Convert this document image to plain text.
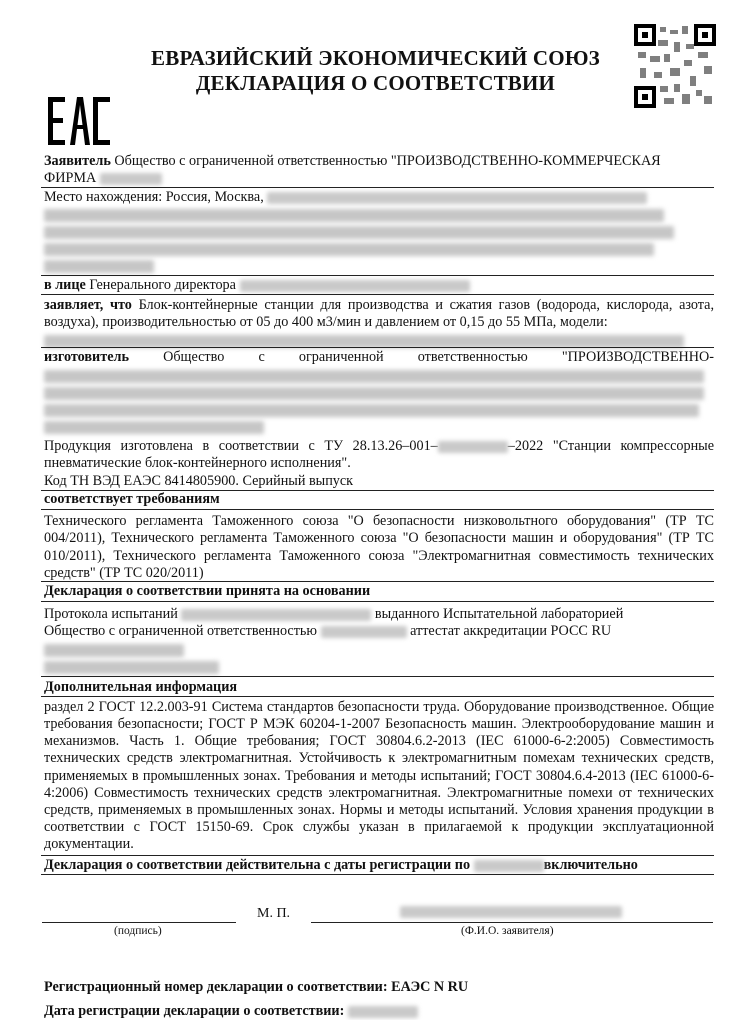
ЕВРАЗИЙСКИЙ ЭКОНОМИЧЕСКИЙ СОЮЗ
ДЕКЛАРАЦИЯ О СООТВЕТСТВИИ
Заявитель Общество с ограниченной ответственностью "ПРОИЗВОДСТВЕННО-КОММЕРЧЕСКАЯ ФИРМА
Место нахождения: Россия, Москва,
в лице Генерального директора
заявляет, что Блок-контейнерные станции для производства и сжатия газов (водорода, кислорода, азота, воздуха), производительностью от 05 до 400 м3/мин и давлением от 0,15 до 55 МПа, модели:
изготовитель Общество с ограниченной ответственностью "ПРОИЗВОДСТВЕННО-
Продукция изготовлена в соответствии с ТУ 28.13.26–001–	–2022 "Станции компрессорные пневматические блок-контейнерного исполнения".
Код ТН ВЭД ЕАЭС 8414805900. Серийный выпуск
соответствует требованиям
Технического регламента Таможенного союза "О безопасности низковольтного оборудования" (ТР ТС 004/2011), Технического регламента Таможенного союза "О безопасности машин и оборудования" (ТР ТС 010/2011), Технического регламента Таможенного союза "Электромагнитная совместимость технических средств" (ТР ТС 020/2011)
Декларация о соответствии принята на основании
Протокола испытаний	выданного Испытательной лабораторией
Общество с ограниченной ответственностью	аттестат аккредитации РОСС RU
Дополнительная информация
раздел 2 ГОСТ 12.2.003-91 Система стандартов безопасности труда. Оборудование производственное. Общие требования безопасности; ГОСТ Р МЭК 60204-1-2007 Безопасность машин. Электрооборудование машин и механизмов. Часть 1. Общие требования; ГОСТ 30804.6.2-2013 (IEC 61000-6-2:2005) Совместимость технических средств электромагнитная. Устойчивость к электромагнитным помехам технических средств, применяемых в промышленных зонах. Требования и методы испытаний; ГОСТ 30804.6.4-2013 (IEC 61000-6-4:2006) Совместимость технических средств электромагнитная. Электромагнитные помехи от технических средств, применяемых в промышленных зонах. Нормы и методы испытаний. Условия хранения продукции в соответствии с ГОСТ 15150-69. Срок службы указан в прилагаемой к продукции эксплуатационной документации.
Декларация о соответствии действительна с даты регистрации по	включительно
М. П.
(подпись)	(Ф.И.О. заявителя)
Регистрационный номер декларации о соответствии: ЕАЭС N RU
Дата регистрации декларации о соответствии:
